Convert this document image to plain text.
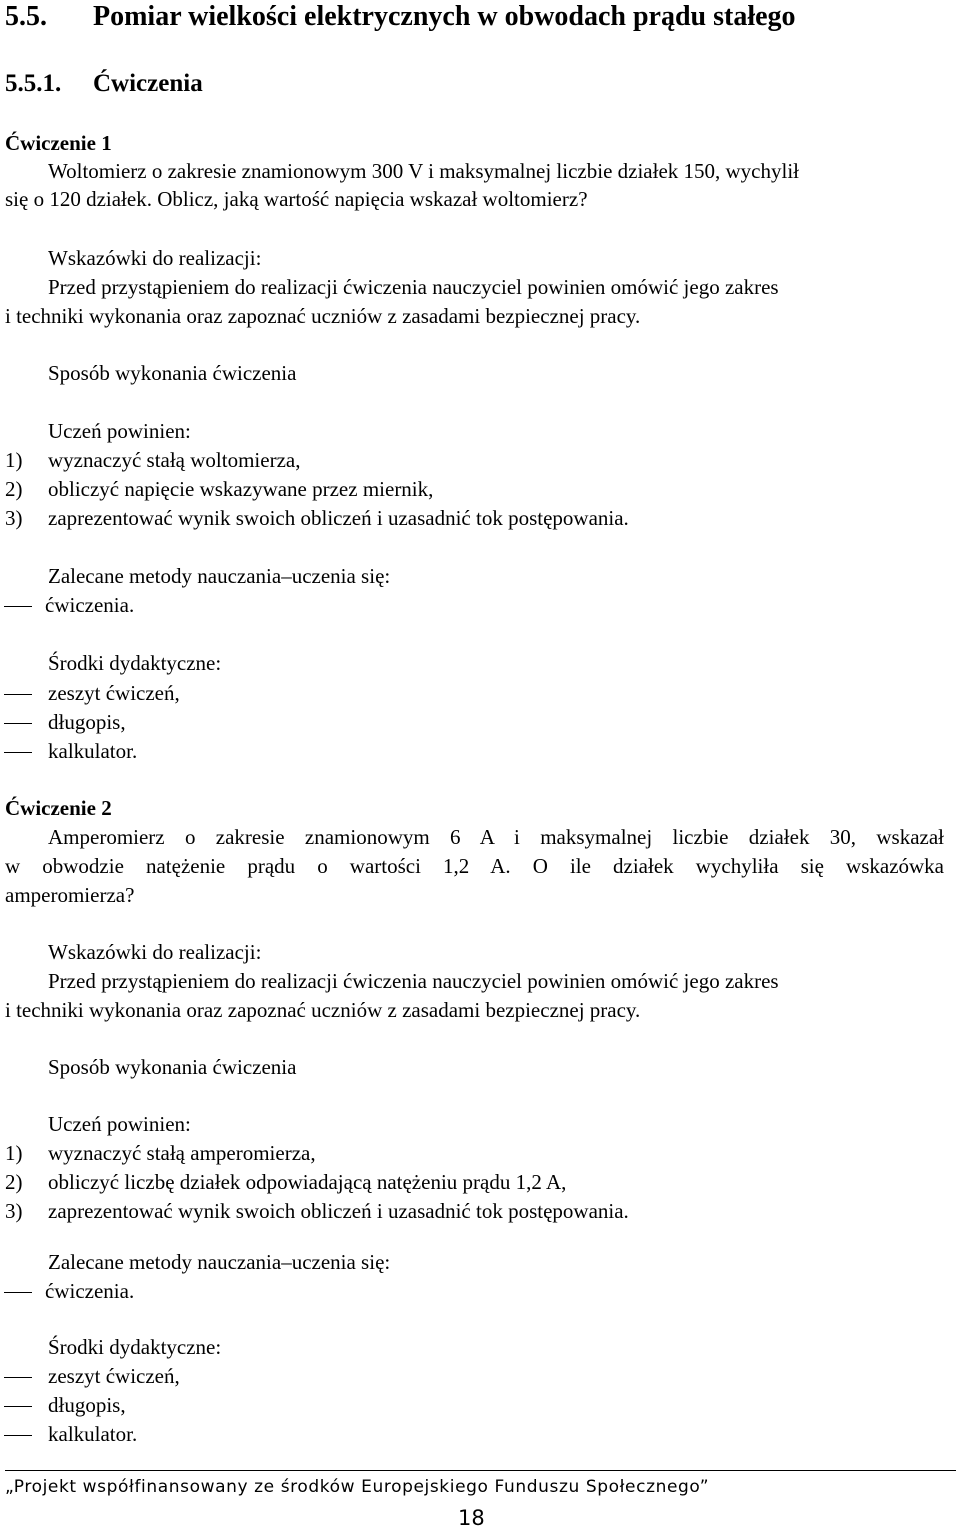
5.5. Pomiar wielkości elektrycznych w obwodach prądu stałego
5.5.1. Ćwiczenia
Ćwiczenie 1
Woltomierz o zakresie znamionowym 300 V i maksymalnej liczbie działek 150, wychylił
się o 120 działek. Oblicz, jaką wartość napięcia wskazał woltomierz?
Wskazówki do realizacji:
Przed przystąpieniem do realizacji ćwiczenia nauczyciel powinien omówić jego zakres
i techniki wykonania oraz zapoznać uczniów z zasadami bezpiecznej pracy.
Sposób wykonania ćwiczenia
Uczeń powinien:
1) wyznaczyć stałą woltomierza,
2) obliczyć napięcie wskazywane przez miernik,
3) zaprezentować wynik swoich obliczeń i uzasadnić tok postępowania.
Zalecane metody nauczania–uczenia się:
ćwiczenia.
Środki dydaktyczne:
zeszyt ćwiczeń,
długopis,
kalkulator.
Ćwiczenie 2
Amperomierz o zakresie znamionowym 6 A i maksymalnej liczbie działek 30, wskazał
w obwodzie natężenie prądu o wartości 1,2 A. O ile działek wychyliła się wskazówka
amperomierza?
Wskazówki do realizacji:
Przed przystąpieniem do realizacji ćwiczenia nauczyciel powinien omówić jego zakres
i techniki wykonania oraz zapoznać uczniów z zasadami bezpiecznej pracy.
Sposób wykonania ćwiczenia
Uczeń powinien:
1) wyznaczyć stałą amperomierza,
2) obliczyć liczbę działek odpowiadającą natężeniu prądu 1,2 A,
3) zaprezentować wynik swoich obliczeń i uzasadnić tok postępowania.
Zalecane metody nauczania–uczenia się:
ćwiczenia.
Środki dydaktyczne:
zeszyt ćwiczeń,
długopis,
kalkulator.
„Projekt współfinansowany ze środków Europejskiego Funduszu Społecznego”
18
